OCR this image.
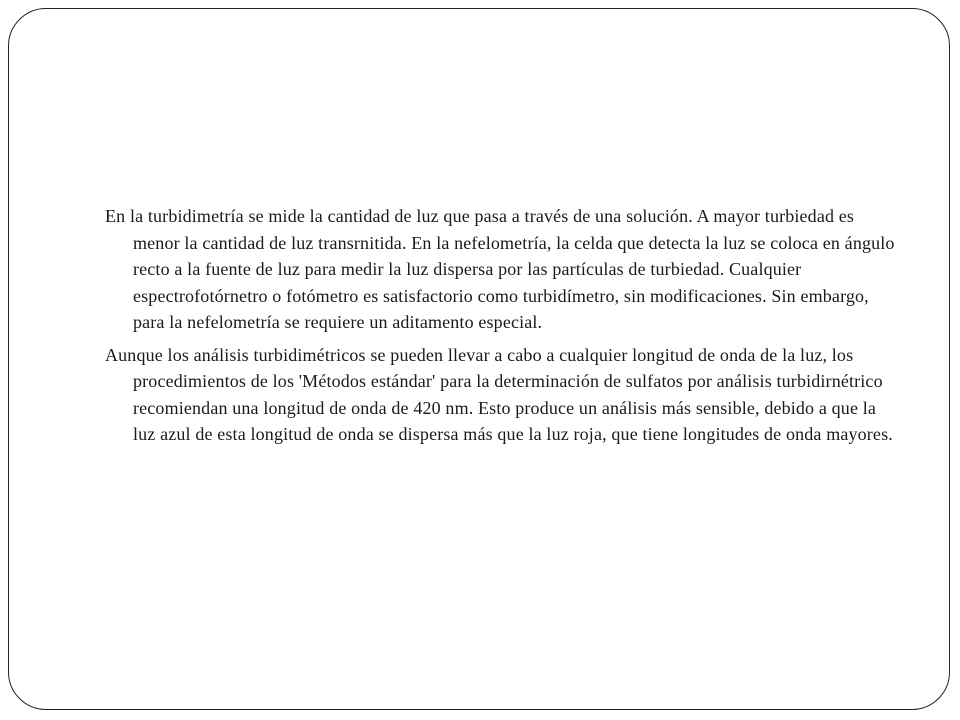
En la turbidimetría se mide la cantidad de luz que pasa a través de una solución. A mayor turbiedad es menor la cantidad de luz transrnitida. En la nefelometría, la celda que detecta la luz se coloca en ángulo recto a la fuente de luz para medir la luz dispersa por las partículas de turbiedad. Cualquier espectrofotórnetro o fotómetro es satisfactorio como turbidímetro, sin modificaciones. Sin embargo, para la nefelometría se requiere un aditamento especial.

Aunque los análisis turbidimétricos se pueden llevar a cabo a cualquier longitud de onda de la luz, los procedimientos de los 'Métodos estándar' para la determinación de sulfatos por análisis turbidirnétrico recomiendan una longitud de onda de 420 nm. Esto produce un análisis más sensible, debido a que la luz azul de esta longitud de onda se dispersa más que la luz roja, que tiene longitudes de onda mayores.
